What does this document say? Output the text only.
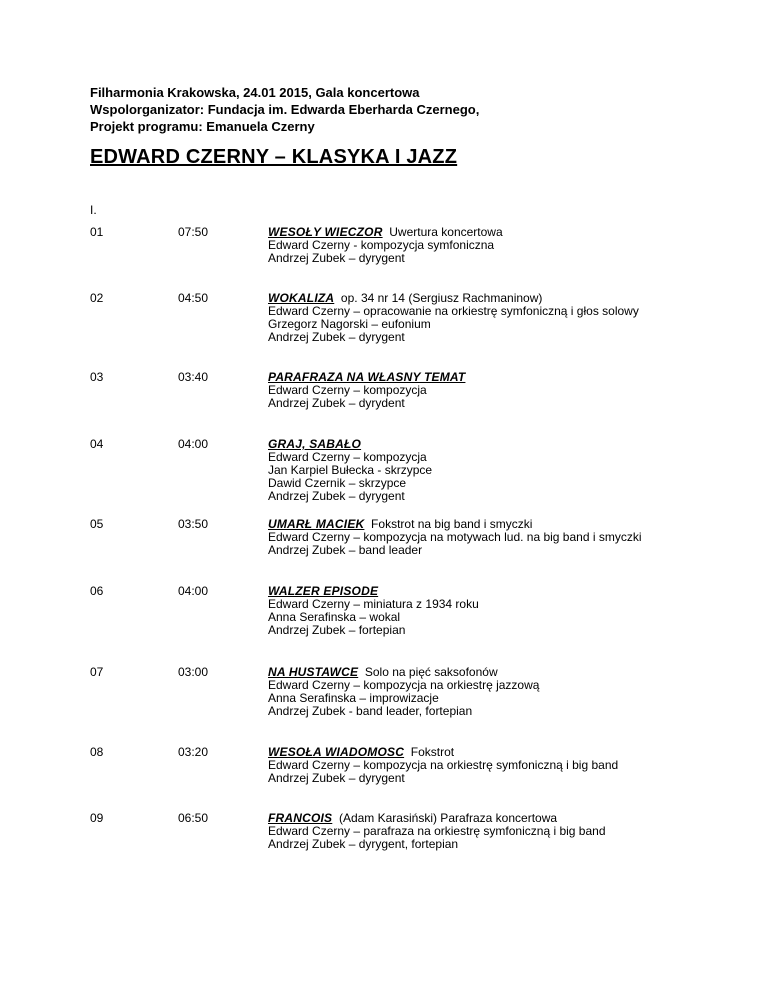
Filharmonia Krakowska, 24.01 2015, Gala koncertowa
Wspolorganizator: Fundacja im. Edwarda Eberharda Czernego,
Projekt programu: Emanuela Czerny
EDWARD CZERNY – KLASYKA I JAZZ
I.
01	07:50	WESOŁY WIECZOR  Uwertura koncertowa
Edward Czerny - kompozycja symfoniczna
Andrzej Zubek – dyrygent
02	04:50	WOKALIZA  op. 34 nr 14 (Sergiusz Rachmaninow)
Edward Czerny – opracowanie na orkiestrę symfoniczną i głos solowy
Grzegorz Nagorski – eufonium
Andrzej Zubek – dyrygent
03	03:40	PARAFRAZA NA WŁASNY TEMAT
Edward Czerny – kompozycja
Andrzej Zubek – dyrydent
04	04:00	GRAJ, SABAŁO
Edward Czerny – kompozycja
Jan Karpiel Bułecka - skrzypce
Dawid Czernik – skrzypce
Andrzej Zubek – dyrygent
05	03:50	UMARŁ MACIEK  Fokstrot na big band i smyczki
Edward Czerny – kompozycja na motywach lud. na big band i smyczki
Andrzej Zubek – band leader
06	04:00	WALZER EPISODE
Edward Czerny – miniatura z 1934 roku
Anna Serafinska – wokal
Andrzej Zubek – fortepian
07	03:00	NA HUSTAWCE  Solo na pięć saksofonów
Edward Czerny – kompozycja na orkiestrę jazzową
Anna Serafinska – improwizacje
Andrzej Zubek - band leader, fortepian
08	03:20	WESOŁA WIADOMOSC  Fokstrot
Edward Czerny – kompozycja na orkiestrę symfoniczną i big band
Andrzej Zubek – dyrygent
09	06:50	FRANCOIS  (Adam Karasiński) Parafraza koncertowa
Edward Czerny – parafraza na orkiestrę symfoniczną i big band
Andrzej Zubek – dyrygent, fortepian
